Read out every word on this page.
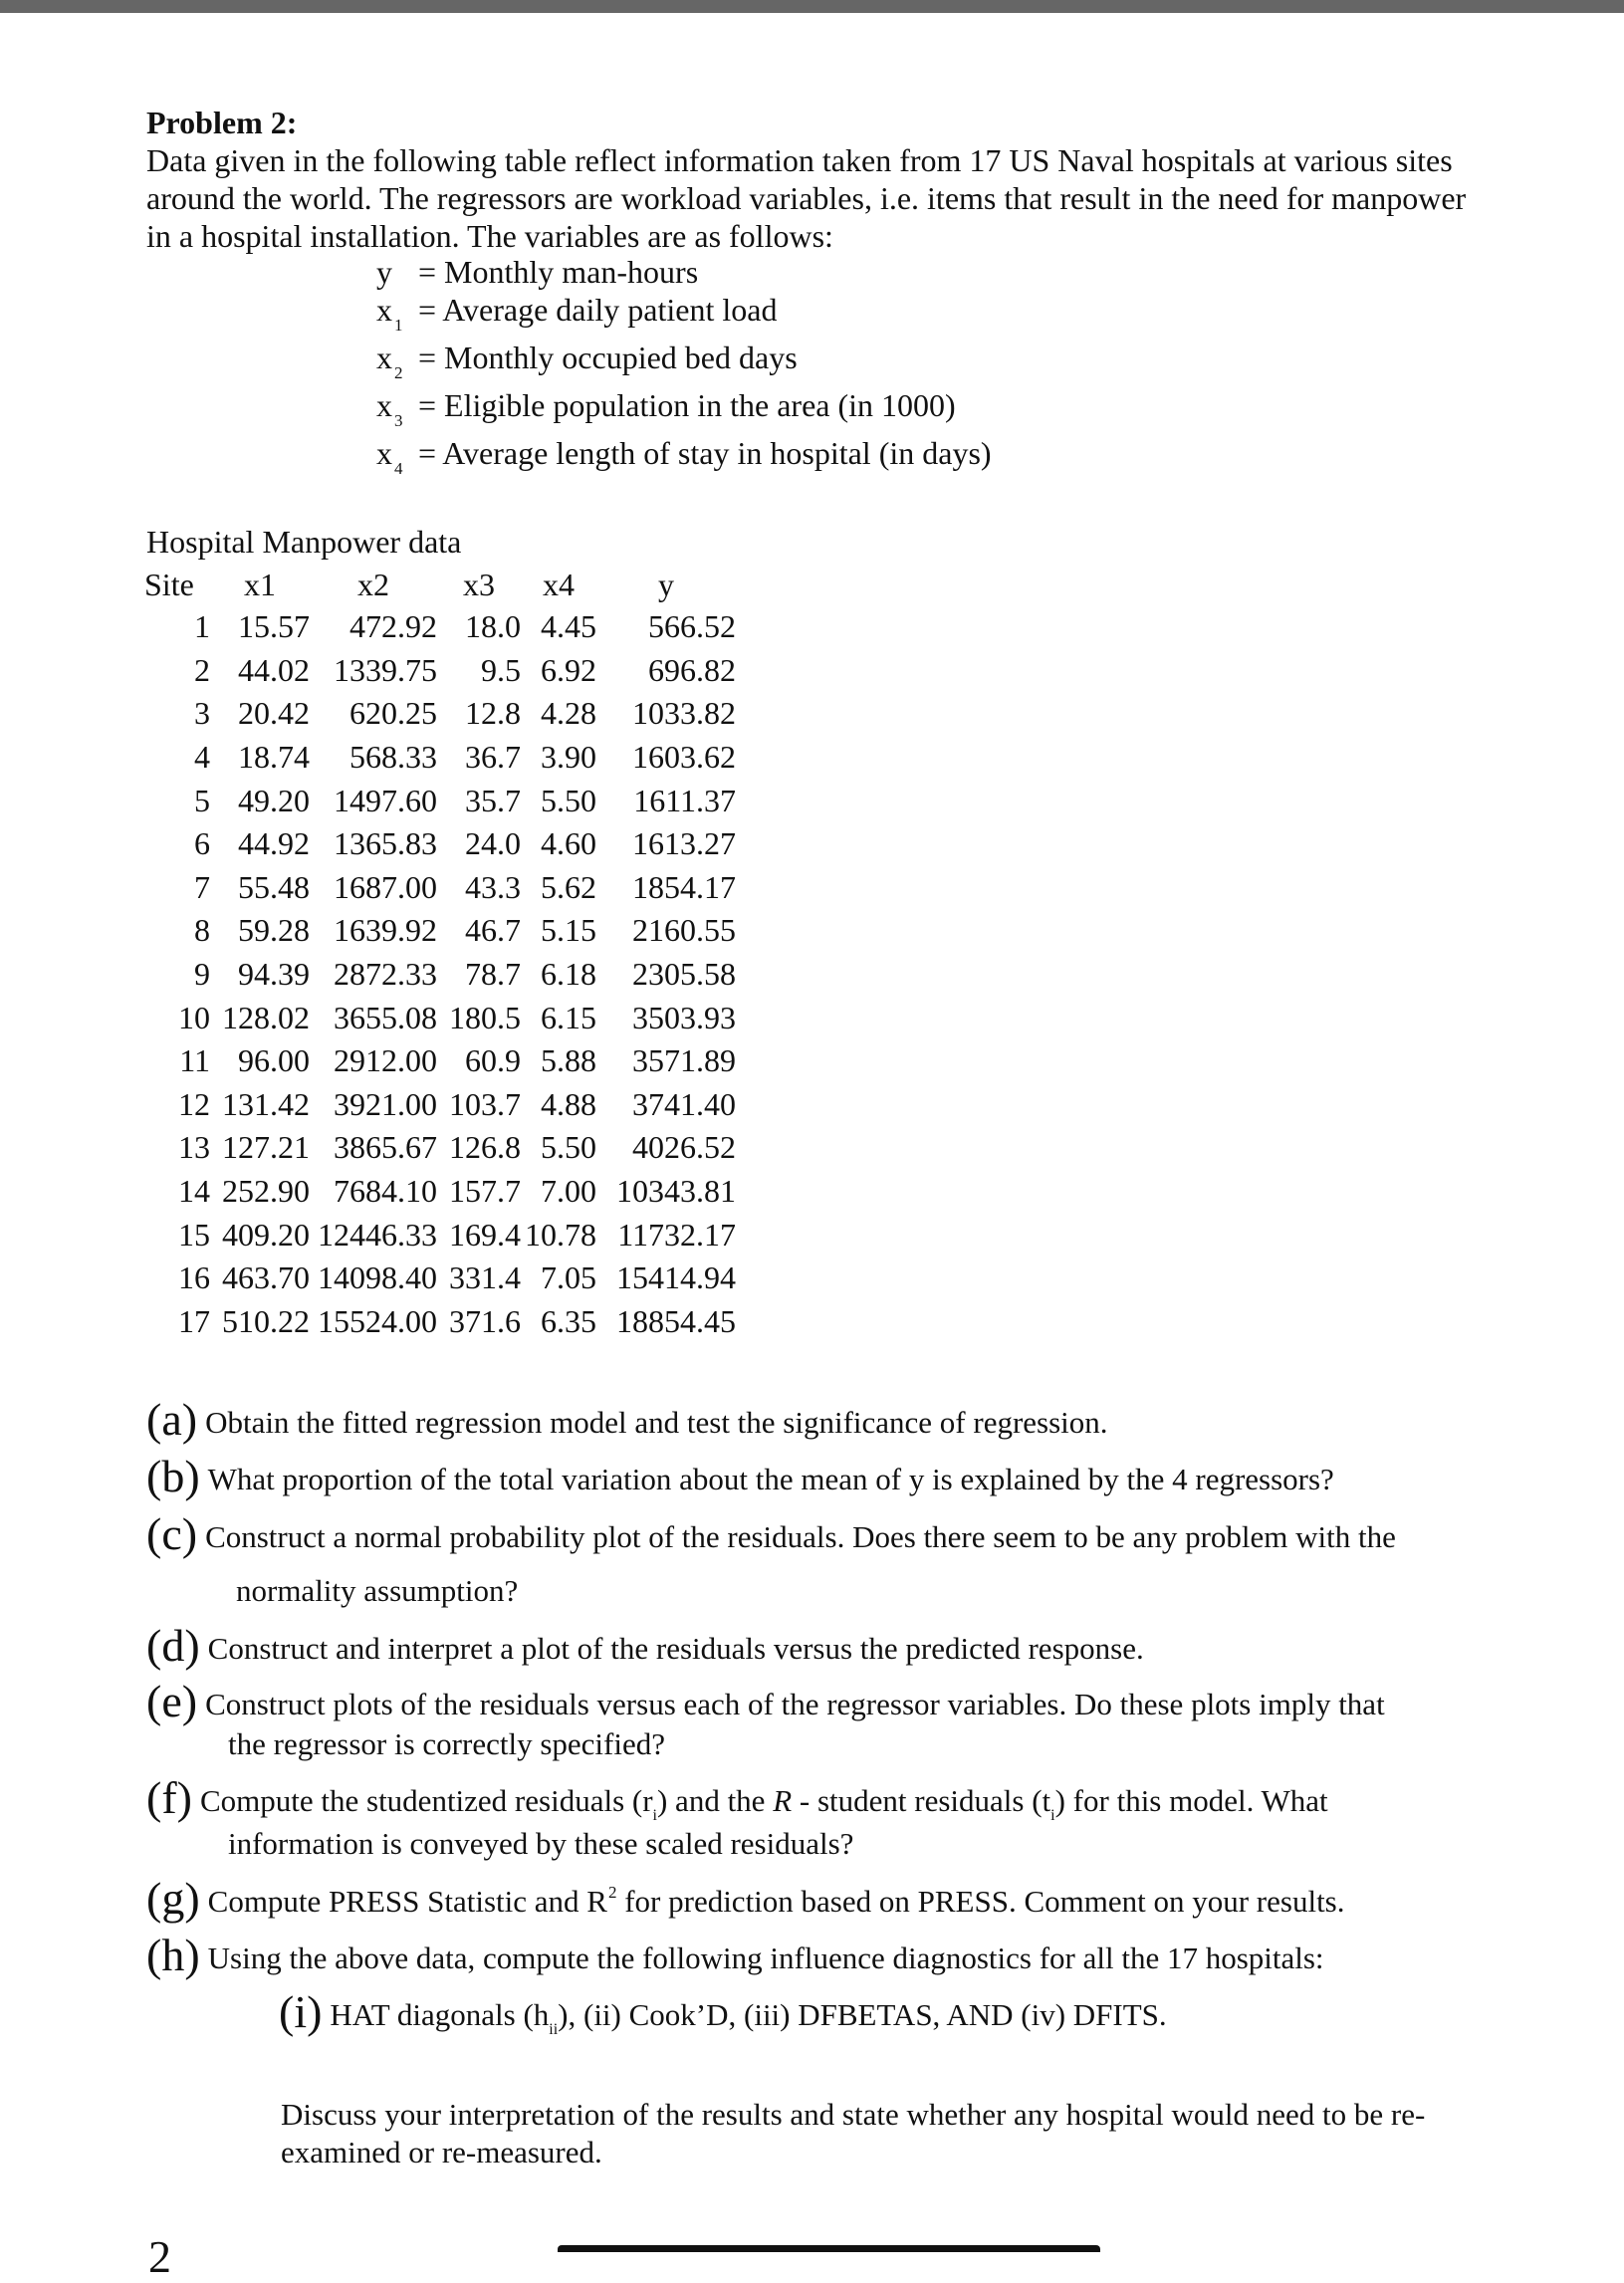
Problem 2:
Data given in the following table reflect information taken from 17 US Naval hospitals at various sites
around the world. The regressors are workload variables, i.e. items that result in the need for manpower
in a hospital installation. The variables are as follows:
y = Monthly man-hours
x $_1$ = Average daily patient load
x $_2$ = Monthly occupied bed days
x $_3$ = Eligible population in the area (in 1000)
x $_4$ = Average length of stay in hospital (in days)
Hospital Manpower data
Site	x1	x2	x3	x4	y
1	15.57	472.92	18.0	4.45	566.52
2	44.02	1339.75	9.5	6.92	696.82
3	20.42	620.25	12.8	4.28	1033.82
4	18.74	568.33	36.7	3.90	1603.62
5	49.20	1497.60	35.7	5.50	1611.37
6	44.92	1365.83	24.0	4.60	1613.27
7	55.48	1687.00	43.3	5.62	1854.17
8	59.28	1639.92	46.7	5.15	2160.55
9	94.39	2872.33	78.7	6.18	2305.58
10	128.02	3655.08	180.5	6.15	3503.93
11	96.00	2912.00	60.9	5.88	3571.89
12	131.42	3921.00	103.7	4.88	3741.40
13	127.21	3865.67	126.8	5.50	4026.52
14	252.90	7684.10	157.7	7.00	10343.81
15	409.20	12446.33	169.4	10.78	11732.17
16	463.70	14098.40	331.4	7.05	15414.94
17	510.22	15524.00	371.6	6.35	18854.45
(a) Obtain the fitted regression model and test the significance of regression.
(b) What proportion of the total variation about the mean of y is explained by the 4 regressors?
(c) Construct a normal probability plot of the residuals. Does there seem to be any problem with the
normality assumption?
(d) Construct and interpret a plot of the residuals versus the predicted response.
(e) Construct plots of the residuals versus each of the regressor variables. Do these plots imply that
the regressor is correctly specified?
(f) Compute the studentized residuals $(r_i)$ and the R - student residuals $(t_i)$ for this model. What
information is conveyed by these scaled residuals?
(g) Compute PRESS Statistic and $R^2$ for prediction based on PRESS. Comment on your results.
(h) Using the above data, compute the following influence diagnostics for all the 17 hospitals:
(i) HAT diagonals $(h_{ii})$, (ii) Cook’D, (iii) DFBETAS, AND (iv) DFITS.
Discuss your interpretation of the results and state whether any hospital would need to be re-examined or re-measured.
2
